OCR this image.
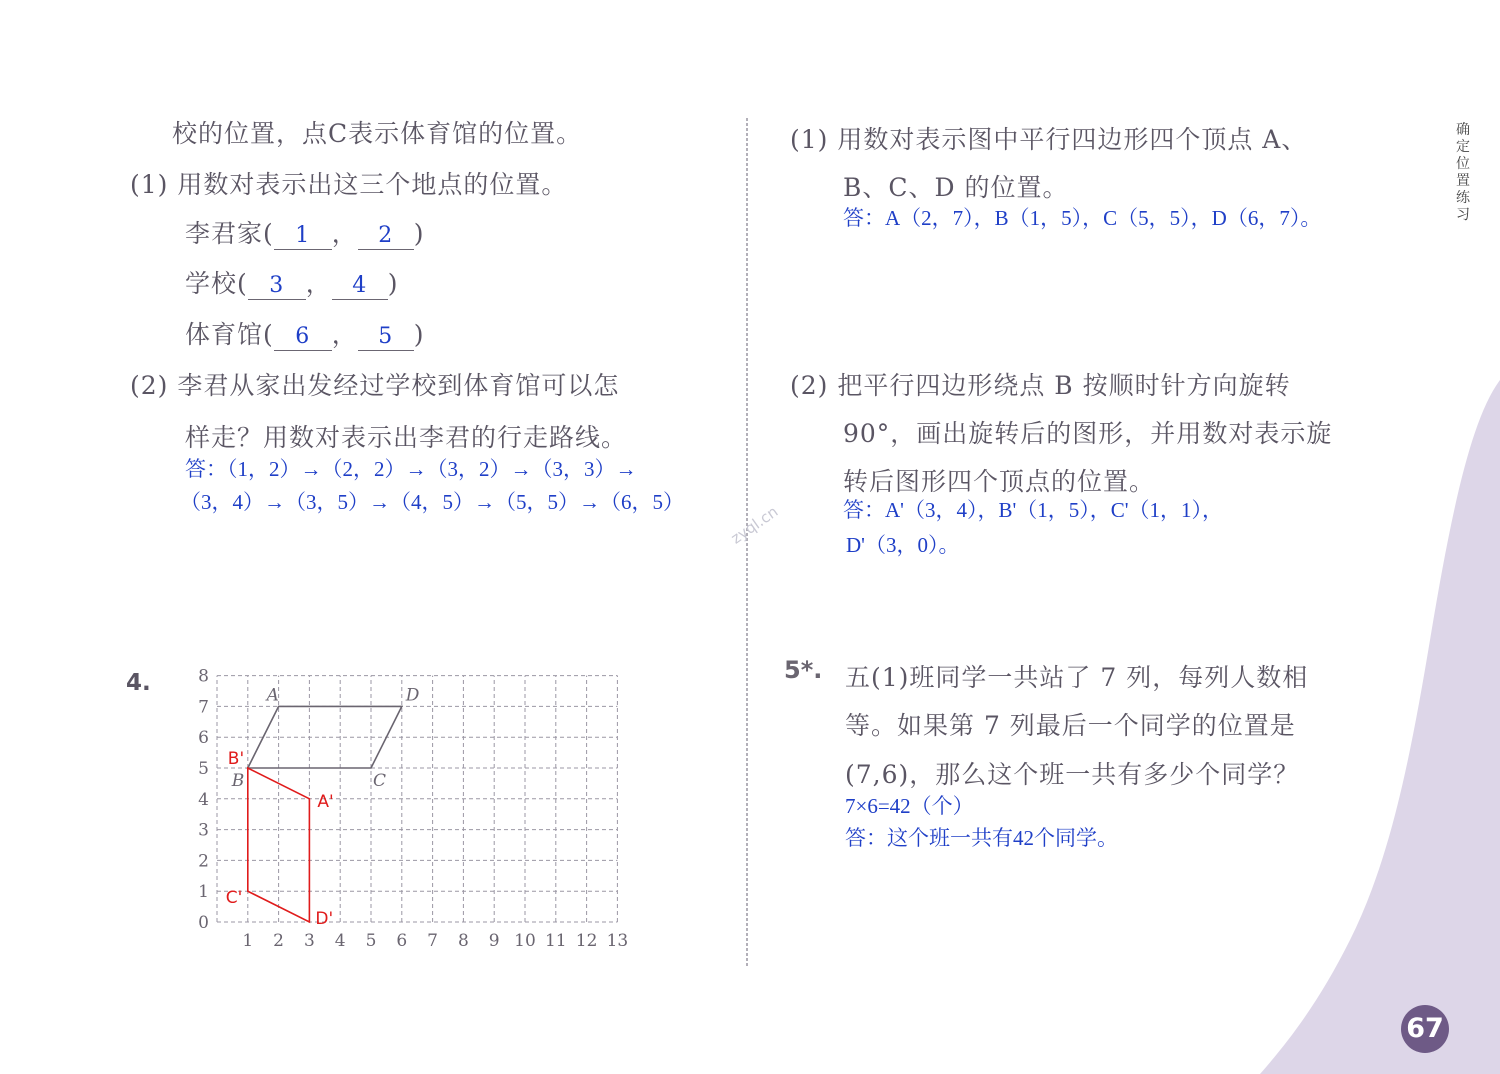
校的位置，点C表示体育馆的位置。
(1) 用数对表示出这三个地点的位置。
李君家( 1 ， 2 )
学校( 3 ， 4 )
体育馆( 6 ， 5 )
(2) 李君从家出发经过学校到体育馆可以怎
样走？用数对表示出李君的行走路线。
答：（1，2）→（2，2）→（3，2）→（3，3）→
（3，4）→（3，5）→（4，5）→（5，5）→（6，5）
4.
1 2 3 4 5 6 7 8 9 10 11 12 13
0
1
2
3
4
5
6
7
8
A
B	C
D
A'
B'
C'
D'
(1) 用数对表示图中平行四边形四个顶点 A、
B、C、D 的位置。
答：A（2，7），B（1，5），C（5，5），D（6，7）。
(2) 把平行四边形绕点 B 按顺时针方向旋转
90°，画出旋转后的图形，并用数对表示旋
转后图形四个顶点的位置。
答：A'（3，4），B'（1，5），C'（1，1），
D'（3，0）。
5*. 五(1)班同学一共站了 7 列，每列人数相
等。如果第 7 列最后一个同学的位置是
(7,6)，那么这个班一共有多少个同学？
7×6=42（个）
答：这个班一共有42个同学。
确
定
位
置
练
习
67
zyql.cn
